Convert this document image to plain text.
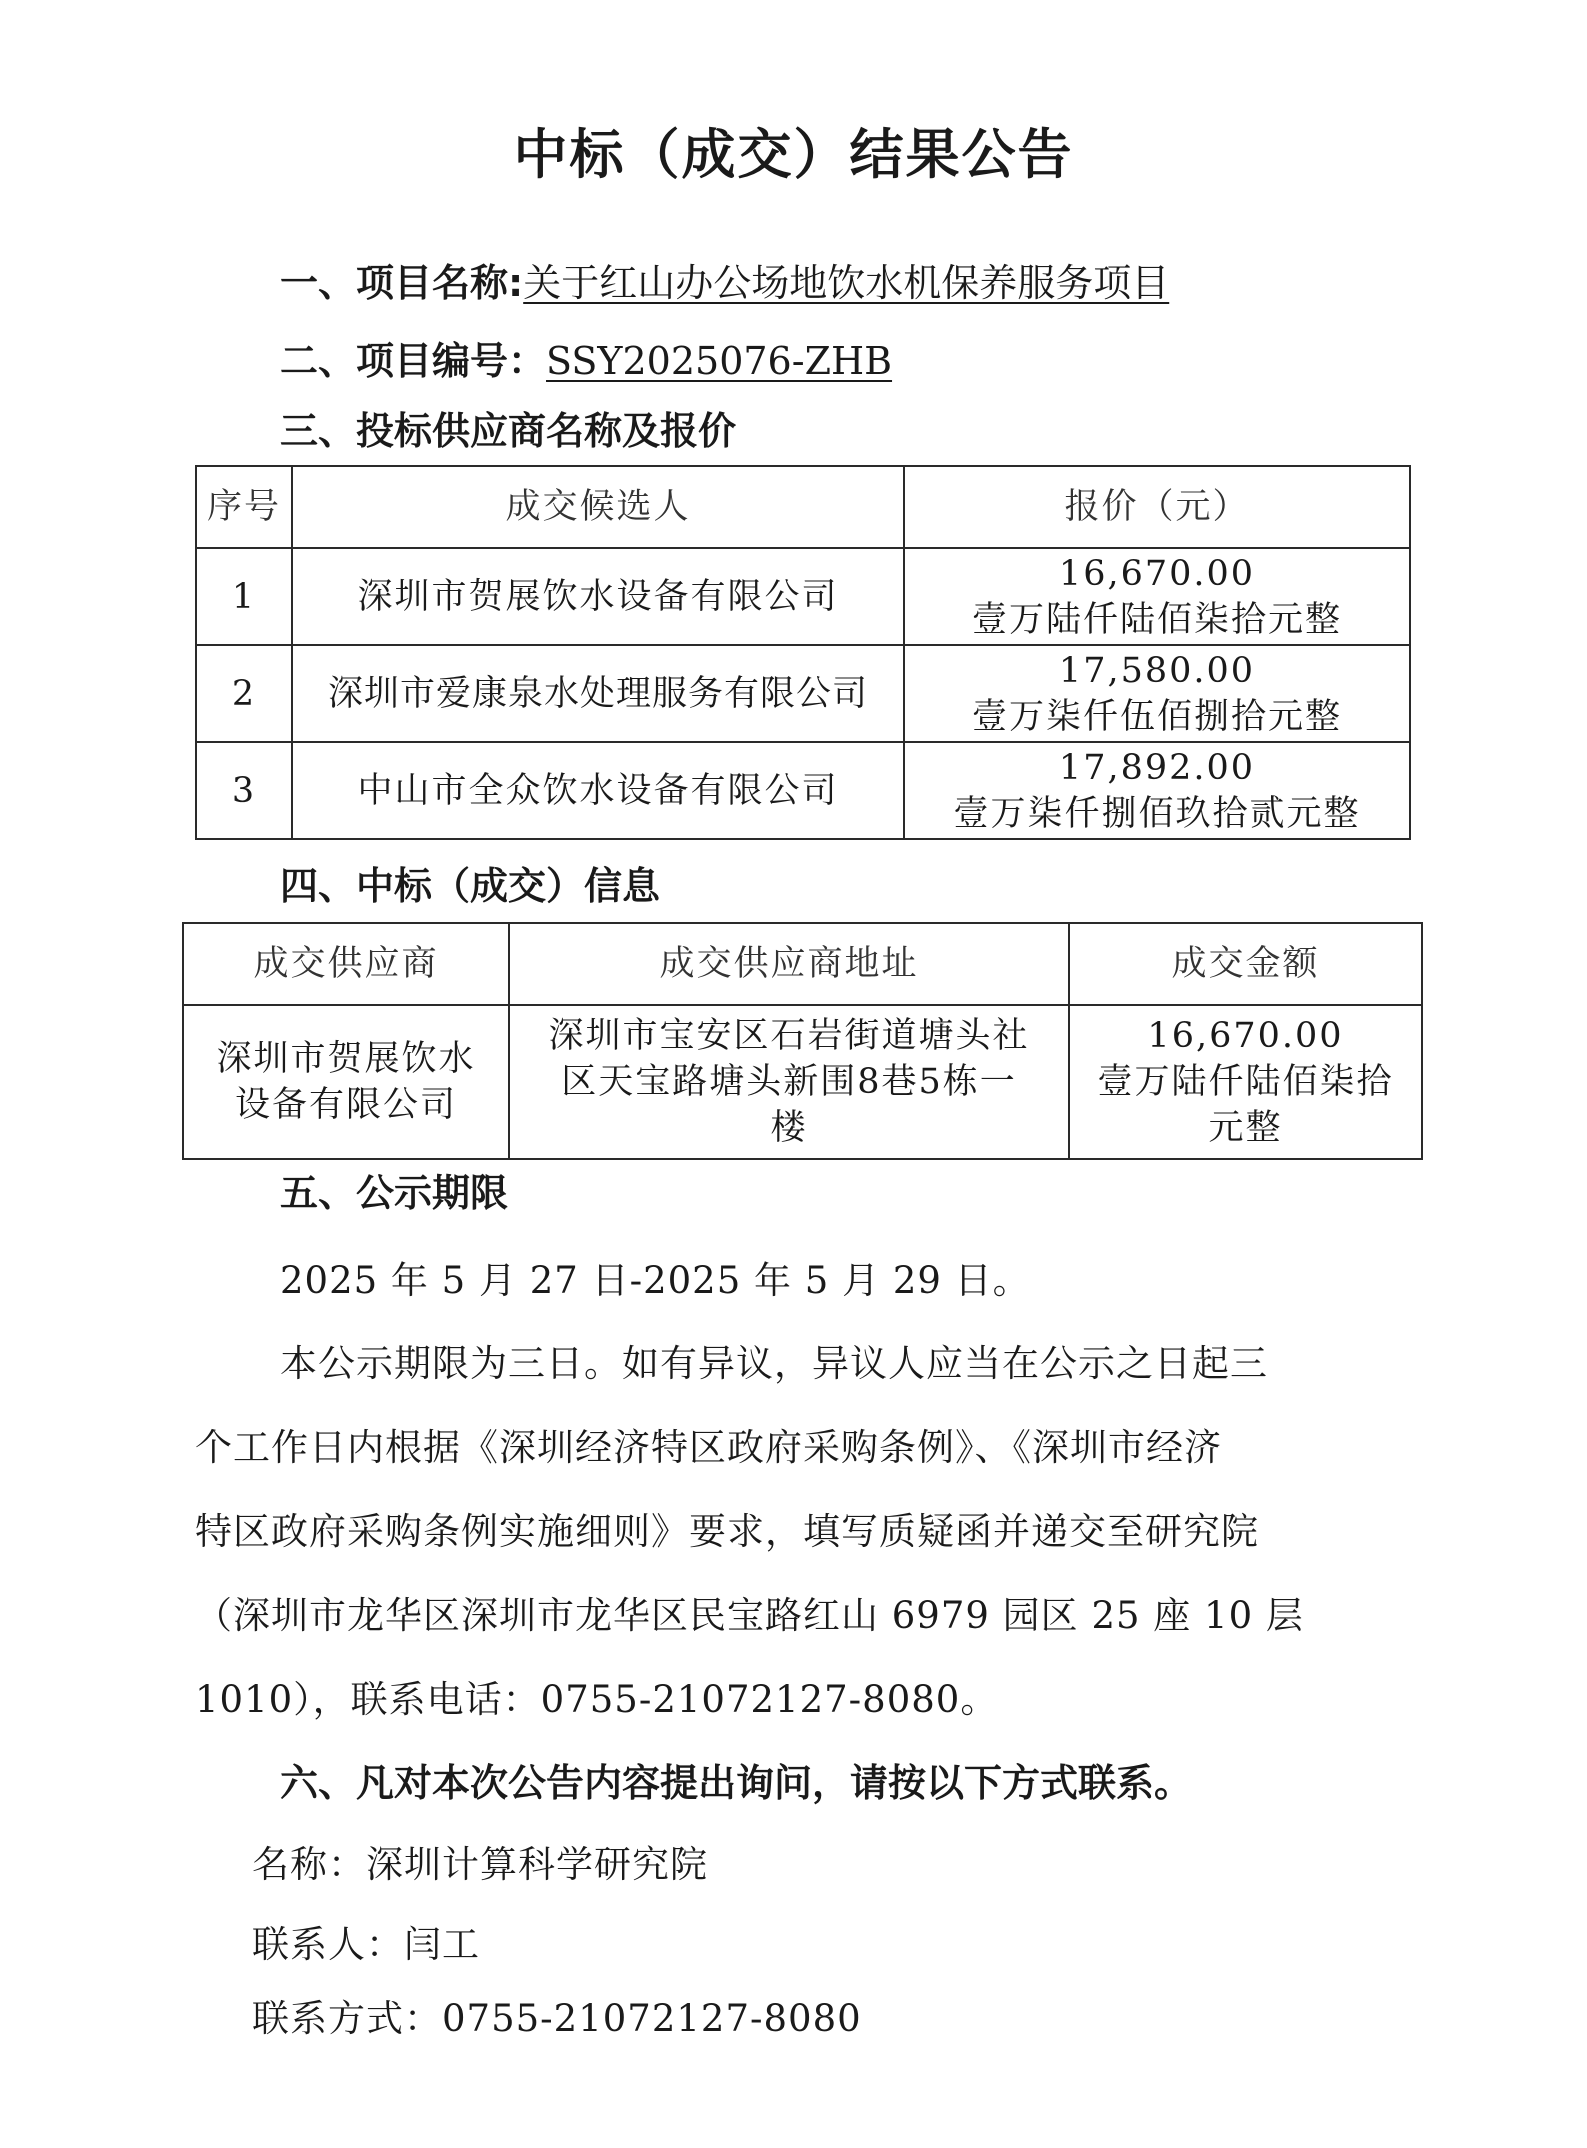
中标（成交）结果公告
一、项目名称:关于红山办公场地饮水机保养服务项目
二、项目编号：SSY2025076-ZHB
三、投标供应商名称及报价
序号	成交候选人	报价（元）
1	深圳市贺展饮水设备有限公司	16,670.00
壹万陆仟陆佰柒拾元整

2	深圳市爱康泉水处理服务有限公司	17,580.00
壹万柒仟伍佰捌拾元整

3	中山市全众饮水设备有限公司	17,892.00
壹万柒仟捌佰玖拾贰元整
四、中标（成交）信息
成交供应商	成交供应商地址	成交金额

深圳市贺展饮水
设备有限公司	深圳市宝安区石岩街道塘头社
区天宝路塘头新围8巷5栋一
楼	16,670.00
壹万陆仟陆佰柒拾
元整
五、公示期限
2025 年 5 月 27 日-2025 年 5 月 29 日。
本公示期限为三日。如有异议，异议人应当在公示之日起三
个工作日内根据《深圳经济特区政府采购条例》、《深圳市经济
特区政府采购条例实施细则》要求，填写质疑函并递交至研究院
（深圳市龙华区深圳市龙华区民宝路红山 6979 园区 25 座 10 层
1010），联系电话：0755-21072127-8080。
六、凡对本次公告内容提出询问，请按以下方式联系。
名称：深圳计算科学研究院
联系人：闫工
联系方式：0755-21072127-8080
